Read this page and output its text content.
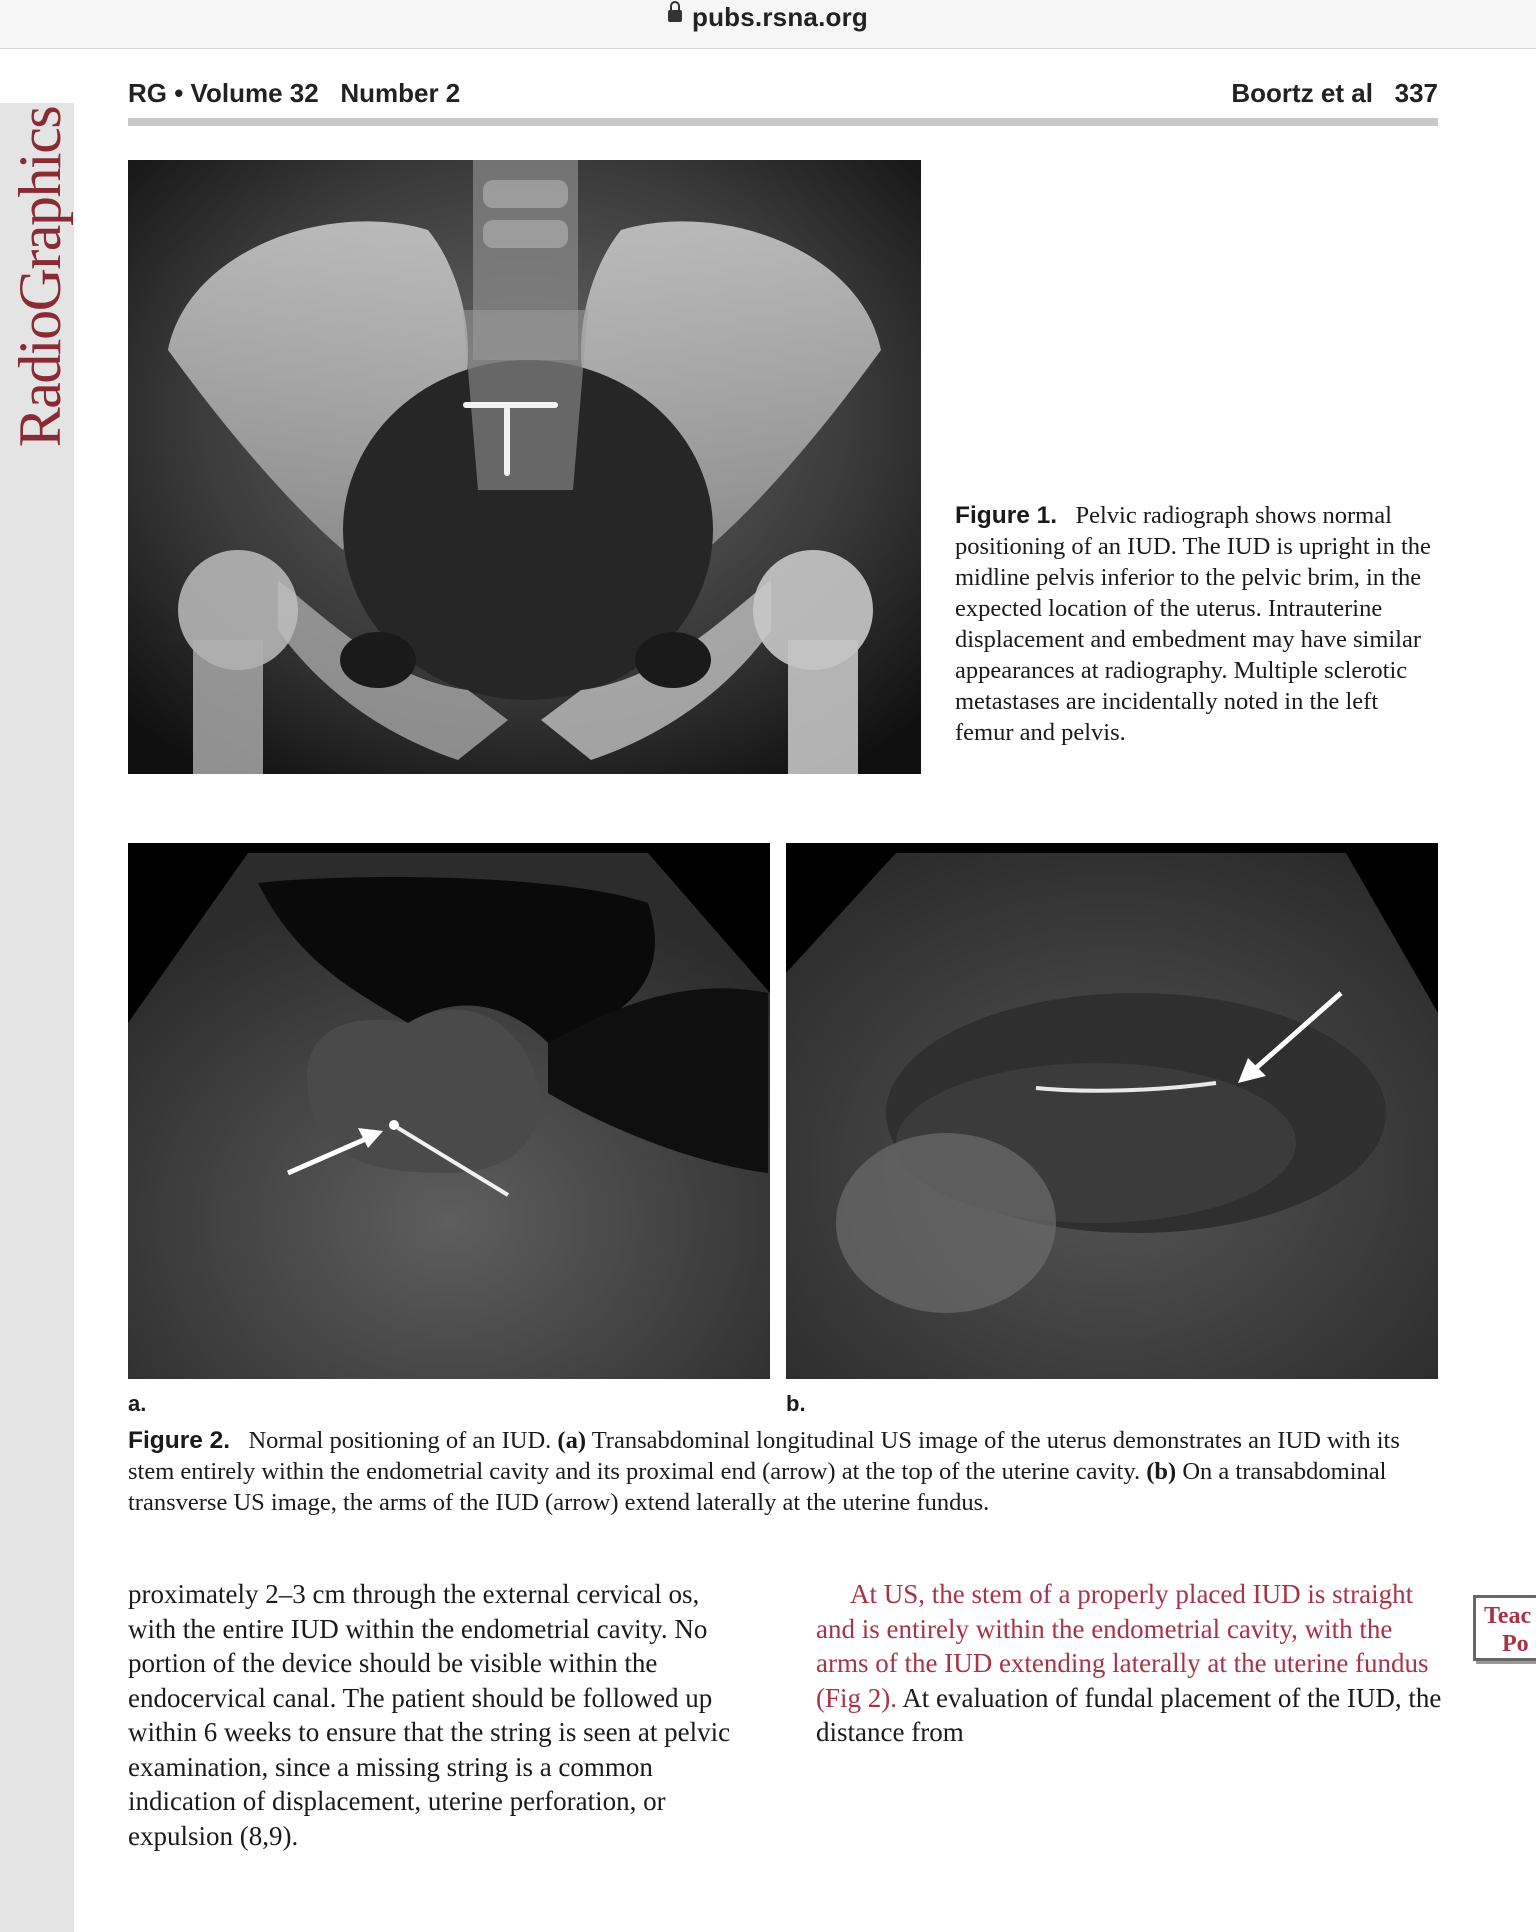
pubs.rsna.org
RadioGraphics
RG • Volume 32   Number 2	Boortz et al   337
Figure 1. Pelvic radiograph shows normal positioning of an IUD. The IUD is upright in the midline pelvis inferior to the pelvic brim, in the expected location of the uterus. Intrauterine displacement and embedment may have similar appearances at radiography. Multiple sclerotic metastases are incidentally noted in the left femur and pelvis.
a.	b.
Figure 2. Normal positioning of an IUD. (a) Transabdominal longitudinal US image of the uterus demonstrates an IUD with its stem entirely within the endometrial cavity and its proximal end (arrow) at the top of the uterine cavity. (b) On a transabdominal transverse US image, the arms of the IUD (arrow) extend laterally at the uterine fundus.
proximately 2–3 cm through the external cervical os, with the entire IUD within the endometrial cavity. No portion of the device should be visible within the endocervical canal. The patient should be followed up within 6 weeks to ensure that the string is seen at pelvic examination, since a missing string is a common indication of displacement, uterine perforation, or expulsion (8,9).
At US, the stem of a properly placed IUD is straight and is entirely within the endometrial cavity, with the arms of the IUD extending laterally at the uterine fundus (Fig 2). At evaluation of fundal placement of the IUD, the distance from
Teac
Po
